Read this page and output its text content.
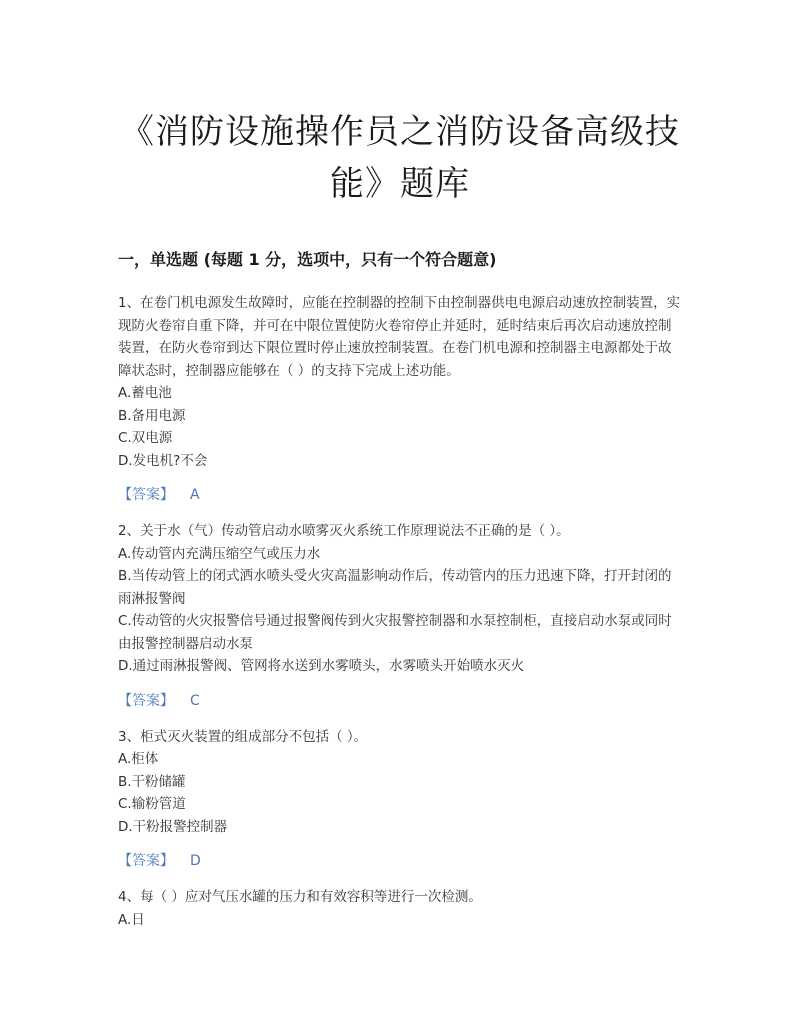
《消防设施操作员之消防设备高级技
能》题库
一，单选题 (每题 1 分，选项中，只有一个符合题意)

1、在卷门机电源发生故障时，应能在控制器的控制下由控制器供电电源启动速放控制装置，实现防火卷帘自重下降，并可在中限位置使防火卷帘停止并延时，延时结束后再次启动速放控制装置，在防火卷帘到达下限位置时停止速放控制装置。在卷门机电源和控制器主电源都处于故障状态时，控制器应能够在（ ）的支持下完成上述功能。

A.蓄电池

B.备用电源

C.双电源

D.发电机?不会

【答案】 A

2、关于水（气）传动管启动水喷雾灭火系统工作原理说法不正确的是（ ）。

A.传动管内充满压缩空气或压力水

B.当传动管上的闭式洒水喷头受火灾高温影响动作后，传动管内的压力迅速下降，打开封闭的雨淋报警阀

C.传动管的火灾报警信号通过报警阀传到火灾报警控制器和水泵控制柜，直接启动水泵或同时由报警控制器启动水泵

D.通过雨淋报警阀、管网将水送到水雾喷头，水雾喷头开始喷水灭火

【答案】 C

3、柜式灭火装置的组成部分不包括（ ）。

A.柜体

B.干粉储罐

C.输粉管道

D.干粉报警控制器

【答案】 D

4、每（ ）应对气压水罐的压力和有效容积等进行一次检测。

A.日
